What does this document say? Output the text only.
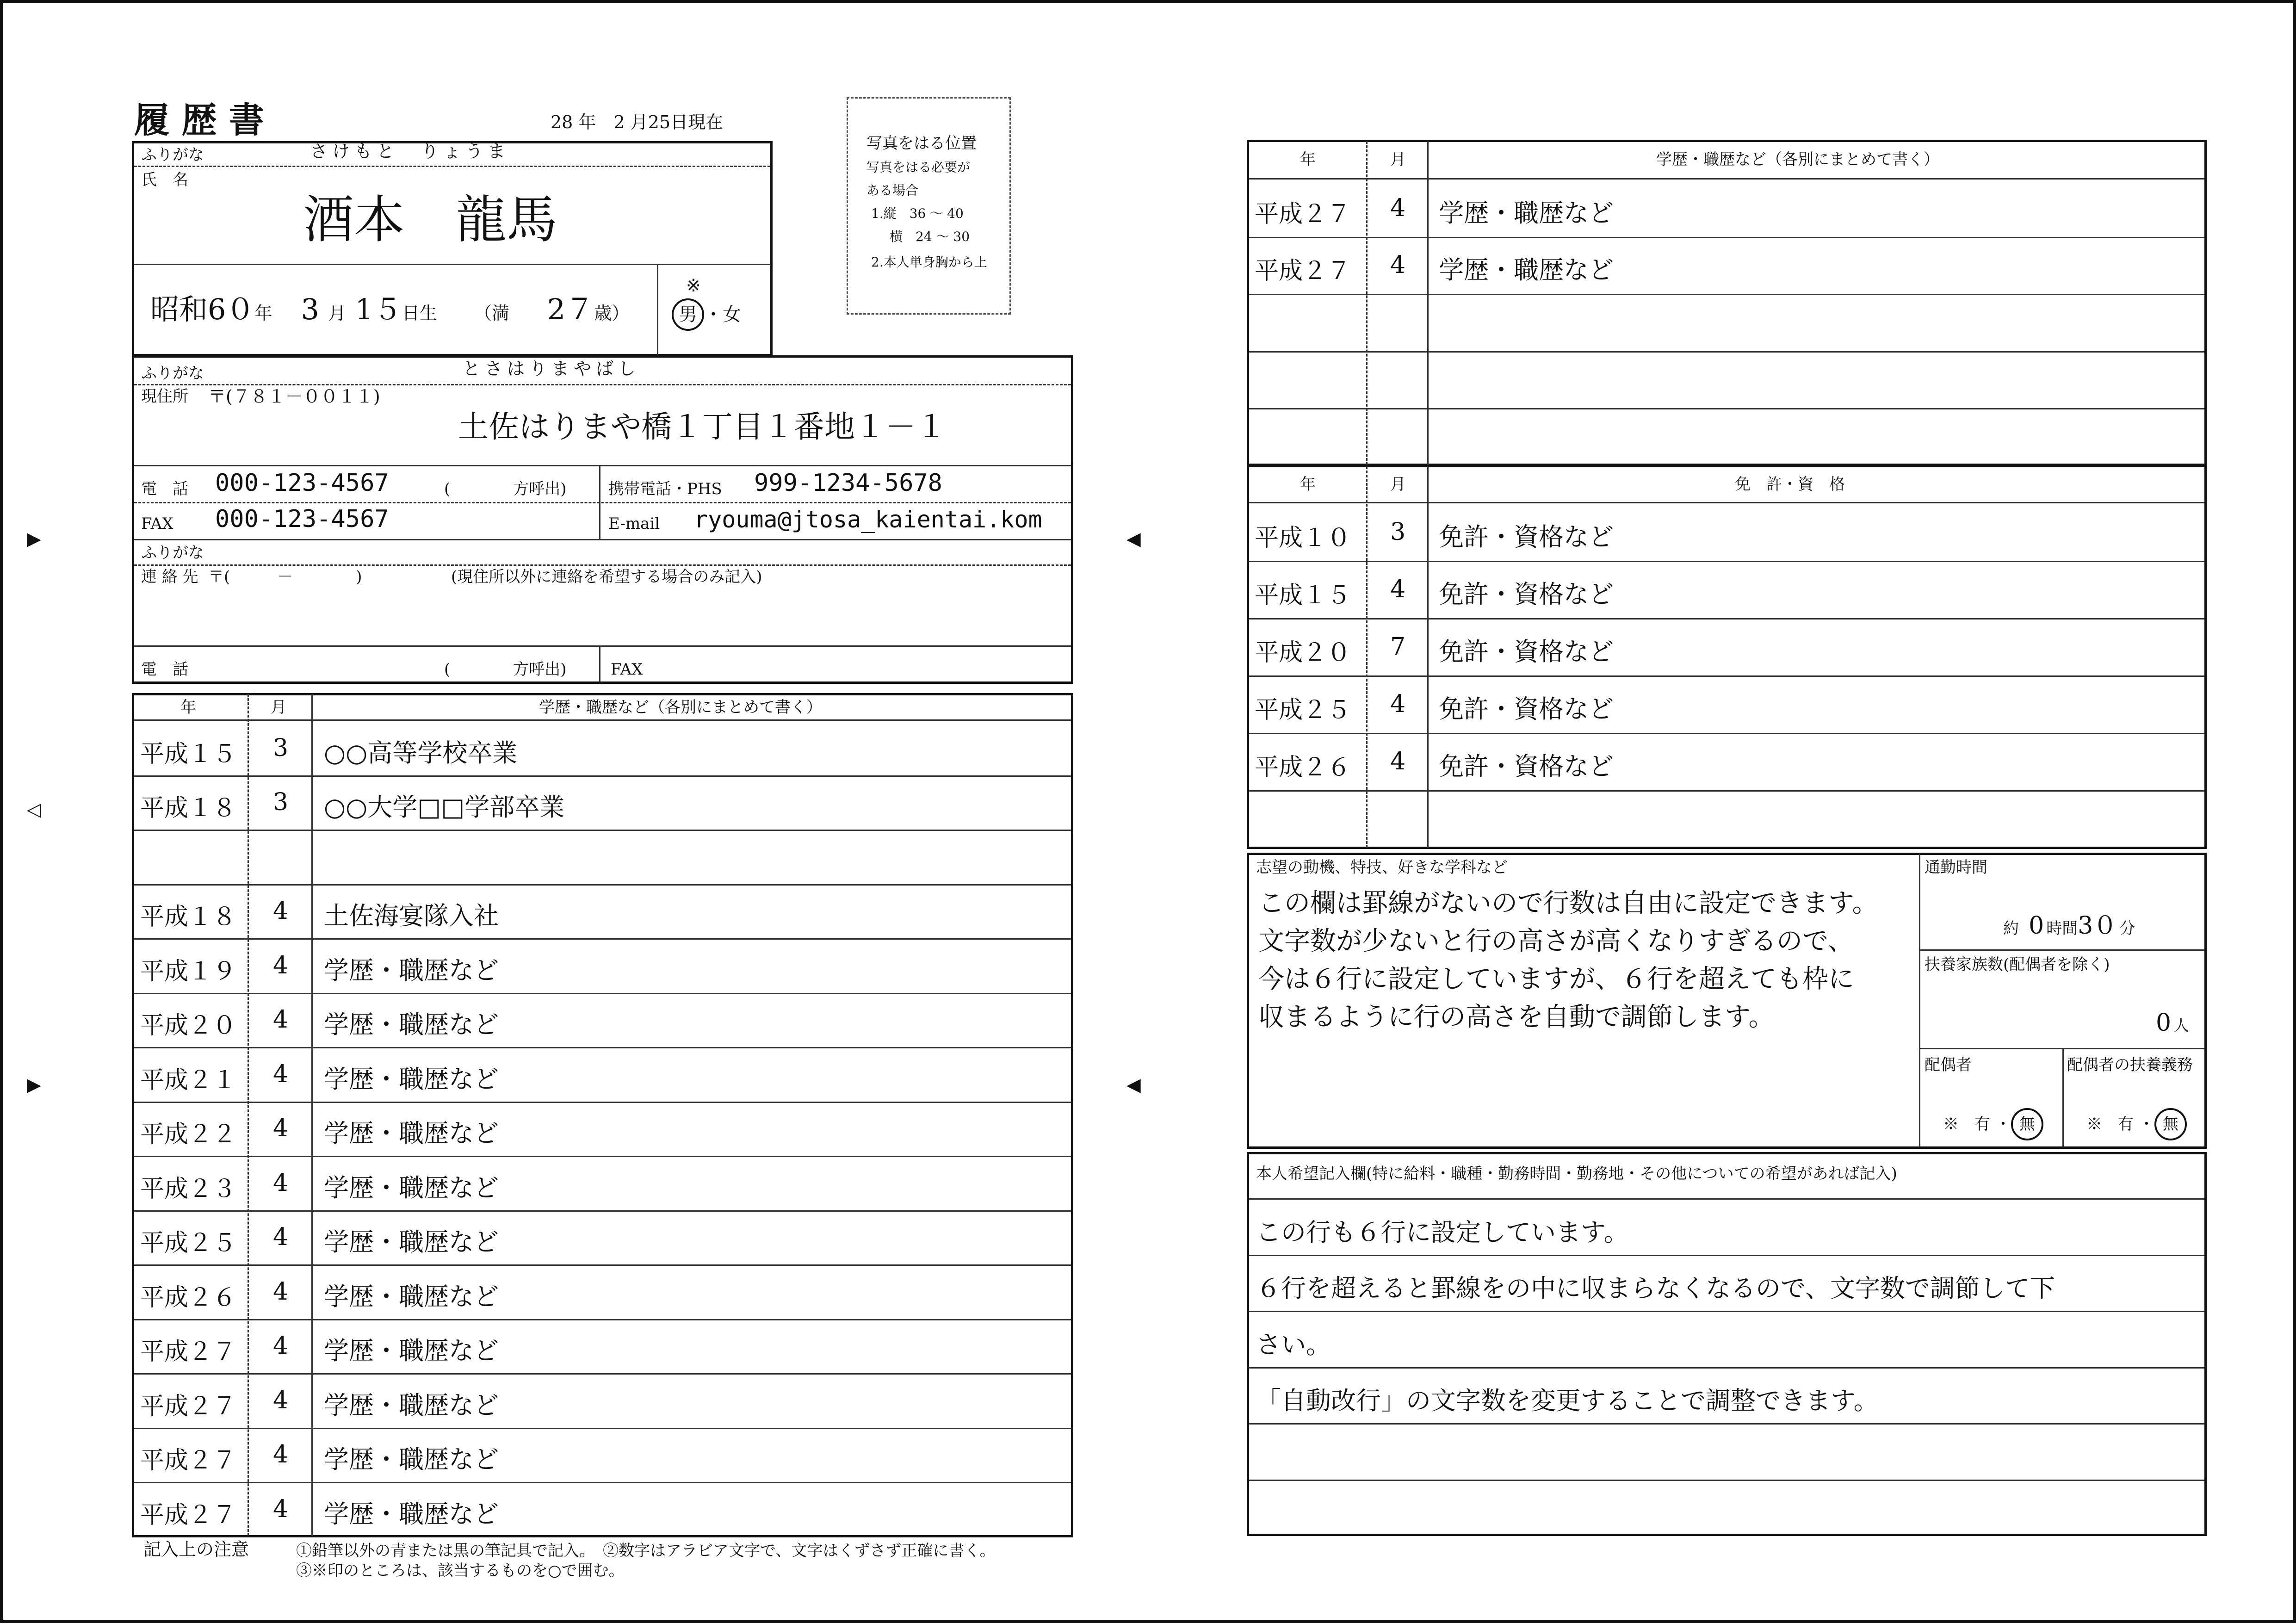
▶
▶
◁
◀
◀
履 歴 書	28 年　 2 月25日現在
写真をはる位置
写真をはる必要が
ある場合
1.縦　36 ～ 40
横　24 ～ 30
2.本人単身胸から上
ふりがな	さけもと　りょうま
氏　名
酒本　龍馬
昭和6０年　 3 月 1５日生 （満　 2７歳）
※
男 ・女
ふりがな	とさはりまやばし
現住所 〒(７８１－００１１)
土佐はりまや橋１丁目１番地１－１
電　話 000-123-4567	(　　　　方呼出)	携帯電話・PHS 999-1234-5678
FAX 000-123-4567	E-mail ryouma@jtosa_kaientai.kom
ふりがな
連 絡 先 〒(　　　－　　　　)	(現住所以外に連絡を希望する場合のみ記入)
電　話	(　　　　方呼出)	FAX
年	月	学歴・職歴など（各別にまとめて書く）
平成１５	3	○○高等学校卒業
平成１８	3	○○大学□□学部卒業
平成１８	4	土佐海宴隊入社
平成１９	4	学歴・職歴など
平成２０	4	学歴・職歴など
平成２１	4	学歴・職歴など
平成２２	4	学歴・職歴など
平成２３	4	学歴・職歴など
平成２５	4	学歴・職歴など
平成２６	4	学歴・職歴など
平成２７	4	学歴・職歴など
平成２７	4	学歴・職歴など
平成２７	4	学歴・職歴など
平成２７	4	学歴・職歴など
記入上の注意	①鉛筆以外の青または黒の筆記具で記入。　②数字はアラビア文字で、文字はくずさず正確に書く。
③※印のところは、該当するものを○で囲む。
年	月	学歴・職歴など（各別にまとめて書く）
平成２７	4	学歴・職歴など
平成２７	4	学歴・職歴など
年	月	免　許・資　格
平成１０	3	免許・資格など
平成１５	4	免許・資格など
平成２０	7	免許・資格など
平成２５	4	免許・資格など
平成２６	4	免許・資格など
志望の動機、特技、好きな学科など
この欄は罫線がないので行数は自由に設定できます。
文字数が少ないと行の高さが高くなりすぎるので、
今は６行に設定していますが、６行を超えても枠に
収まるように行の高さを自動で調節します。
通勤時間
約　 0 時間3０ 分
扶養家族数(配偶者を除く)
0 人
配偶者	配偶者の扶養義務
※　 有 ・ 無	※　 有 ・ 無
本人希望記入欄(特に給料・職種・勤務時間・勤務地・その他についての希望があれば記入)
この行も６行に設定しています。
６行を超えると罫線をの中に収まらなくなるので、文字数で調節して下
さい。
「自動改行」の文字数を変更することで調整できます。
